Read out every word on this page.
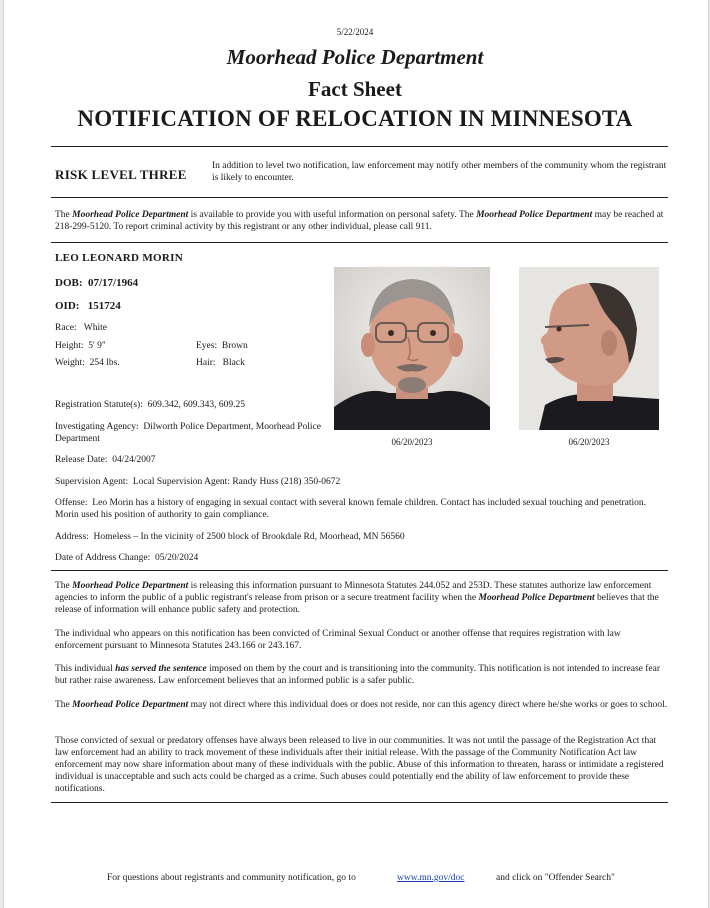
5/22/2024
Moorhead Police Department
Fact Sheet
NOTIFICATION OF RELOCATION IN MINNESOTA
RISK LEVEL THREE
In addition to level two notification, law enforcement may notify other members of the community whom the registrant is likely to encounter.
The Moorhead Police Department is available to provide you with useful information on personal safety. The Moorhead Police Department may be reached at 218-299-5120. To report criminal activity by this registrant or any other individual, please call 911.
LEO LEONARD MORIN
DOB: 07/17/1964
OID: 151724
Race: White
Height: 5' 9"
Weight: 254 lbs.
Eyes: Brown
Hair: Black
Registration Statute(s): 609.342, 609.343, 609.25
Investigating Agency: Dilworth Police Department, Moorhead Police Department
Release Date: 04/24/2007
06/20/2023	06/20/2023
Supervision Agent: Local Supervision Agent: Randy Huss (218) 350-0672
Offense: Leo Morin has a history of engaging in sexual contact with several known female children. Contact has included sexual touching and penetration. Morin used his position of authority to gain compliance.
Address: Homeless – In the vicinity of 2500 block of Brookdale Rd, Moorhead, MN 56560
Date of Address Change: 05/20/2024
The Moorhead Police Department is releasing this information pursuant to Minnesota Statutes 244.052 and 253D. These statutes authorize law enforcement agencies to inform the public of a public registrant's release from prison or a secure treatment facility when the Moorhead Police Department believes that the release of information will enhance public safety and protection.
The individual who appears on this notification has been convicted of Criminal Sexual Conduct or another offense that requires registration with law enforcement pursuant to Minnesota Statutes 243.166 or 243.167.
This individual has served the sentence imposed on them by the court and is transitioning into the community. This notification is not intended to increase fear but rather raise awareness. Law enforcement believes that an informed public is a safer public.
The Moorhead Police Department may not direct where this individual does or does not reside, nor can this agency direct where he/she works or goes to school.
Those convicted of sexual or predatory offenses have always been released to live in our communities. It was not until the passage of the Registration Act that law enforcement had an ability to track movement of these individuals after their initial release. With the passage of the Community Notification Act law enforcement may now share information about many of these individuals with the public. Abuse of this information to threaten, harass or intimidate a registered individual is unacceptable and such acts could be charged as a crime. Such abuses could potentially end the ability of law enforcement to provide these notifications.
For questions about registrants and community notification, go to	www.mn.gov/doc	and click on "Offender Search"
